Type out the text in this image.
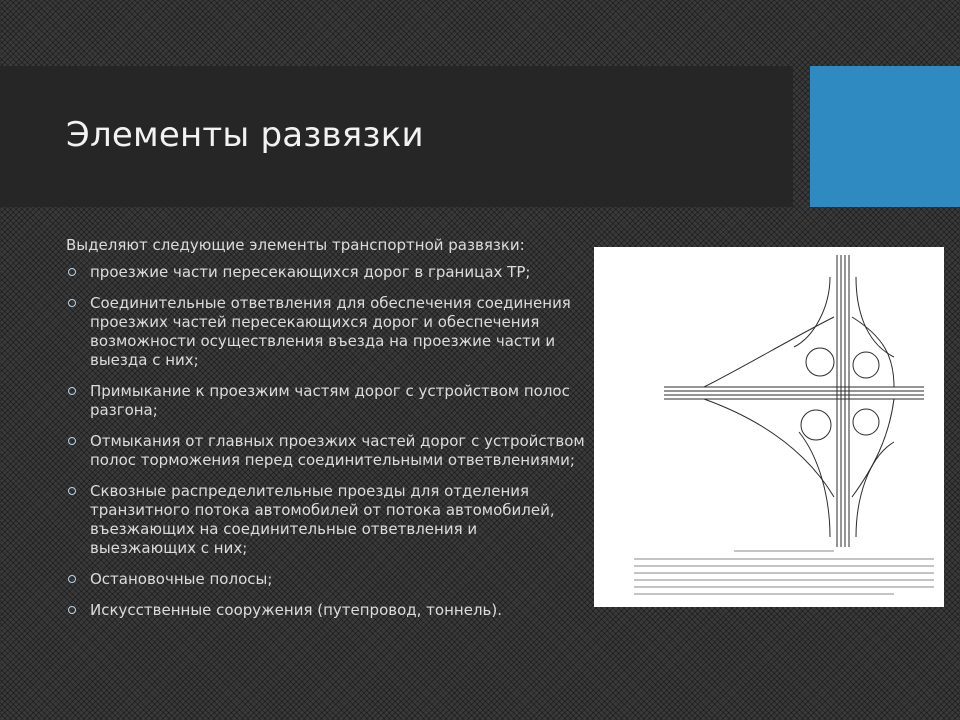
Элементы развязки

Выделяют следующие элементы транспортной развязки:

проезжие части пересекающихся дорог в границах ТР;
Соединительные ответвления для обеспечения соединения проезжих частей пересекающихся дорог и обеспечения возможности осуществления въезда на проезжие части и выезда с них;
Примыкание к проезжим частям дорог с устройством полос разгона;
Отмыкания от главных проезжих частей дорог с устройством полос торможения перед соединительными ответвлениями;
Сквозные распределительные проезды для отделения транзитного потока автомобилей от потока автомобилей, въезжающих на соединительные ответвления и выезжающих с них;
Остановочные полосы;
Искусственные сооружения (путепровод, тоннель).
